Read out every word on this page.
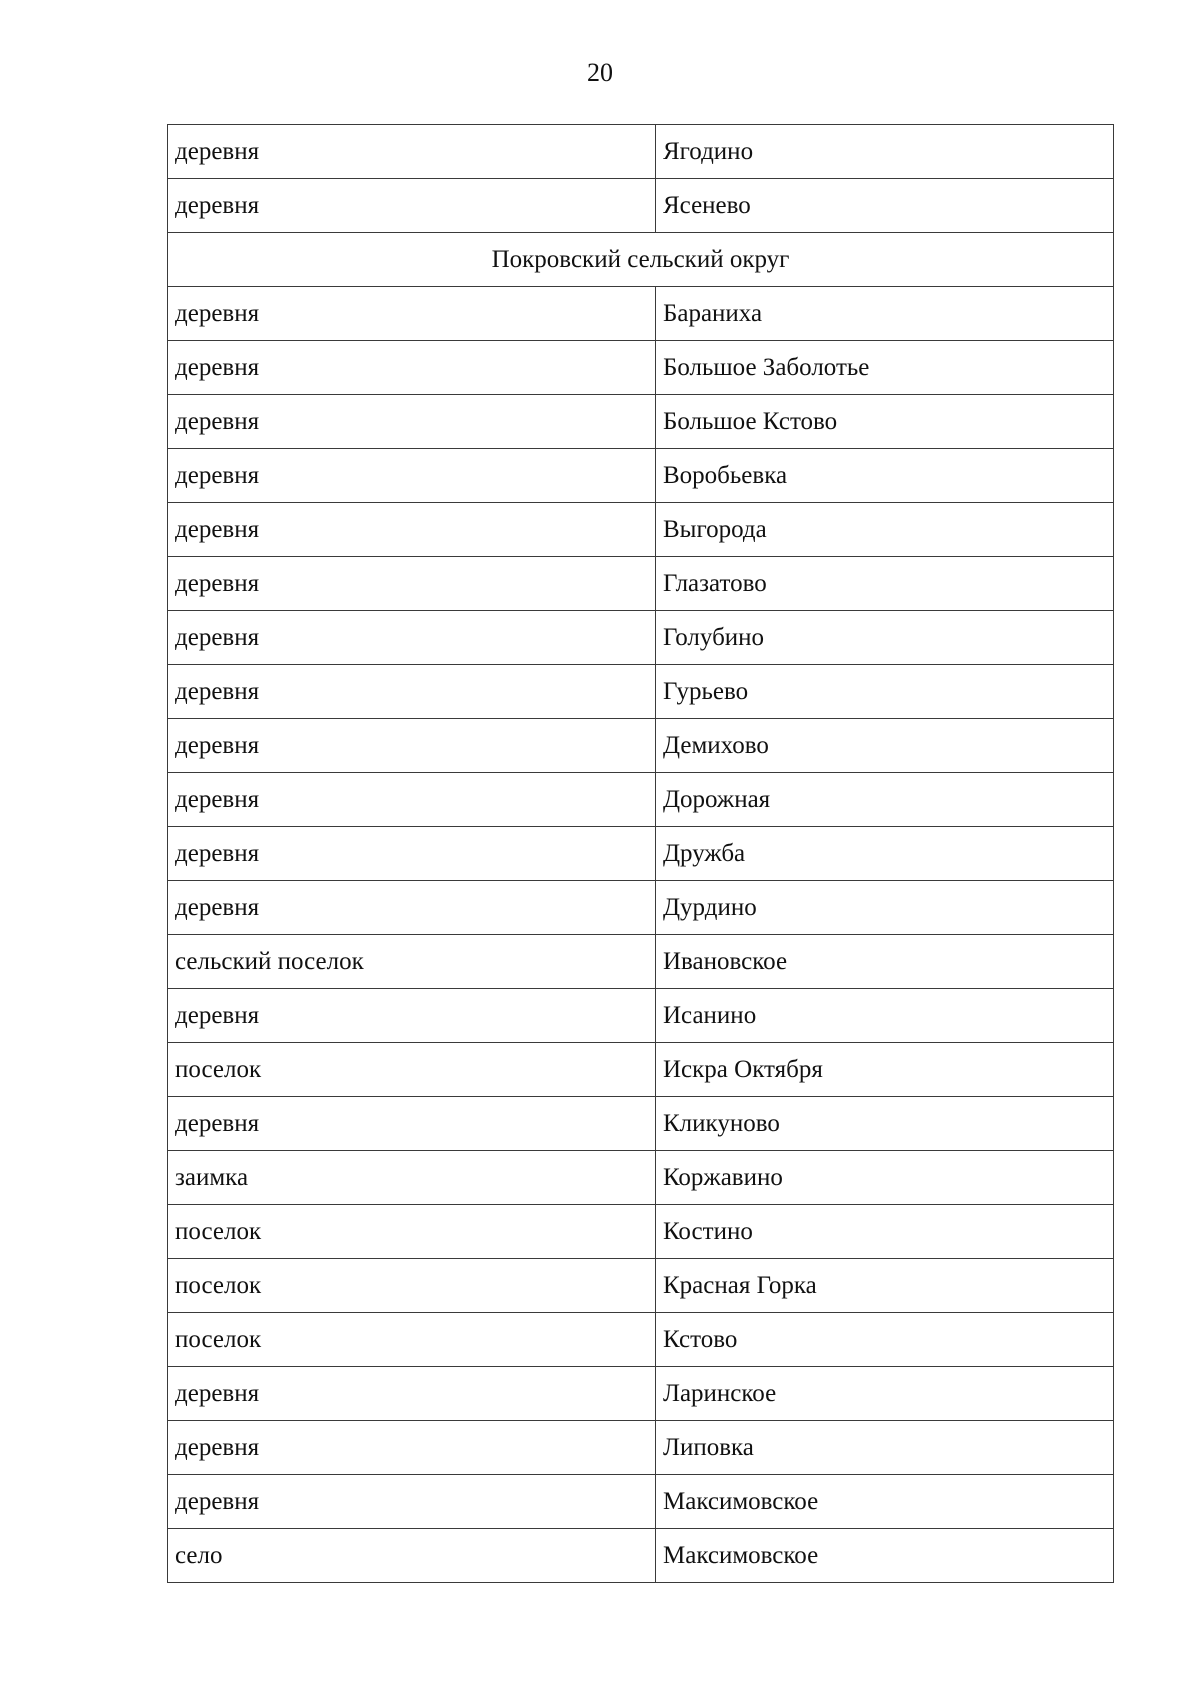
20
деревня	Ягодино
деревня	Ясенево
Покровский сельский округ	
деревня	Бараниха
деревня	Большое Заболотье
деревня	Большое Кстово
деревня	Воробьевка
деревня	Выгорода
деревня	Глазатово
деревня	Голубино
деревня	Гурьево
деревня	Демихово
деревня	Дорожная
деревня	Дружба
деревня	Дурдино
сельский поселок	Ивановское
деревня	Исанино
поселок	Искра Октября
деревня	Кликуново
заимка	Коржавино
поселок	Костино
поселок	Красная Горка
поселок	Кстово
деревня	Ларинское
деревня	Липовка
деревня	Максимовское
село	Максимовское
